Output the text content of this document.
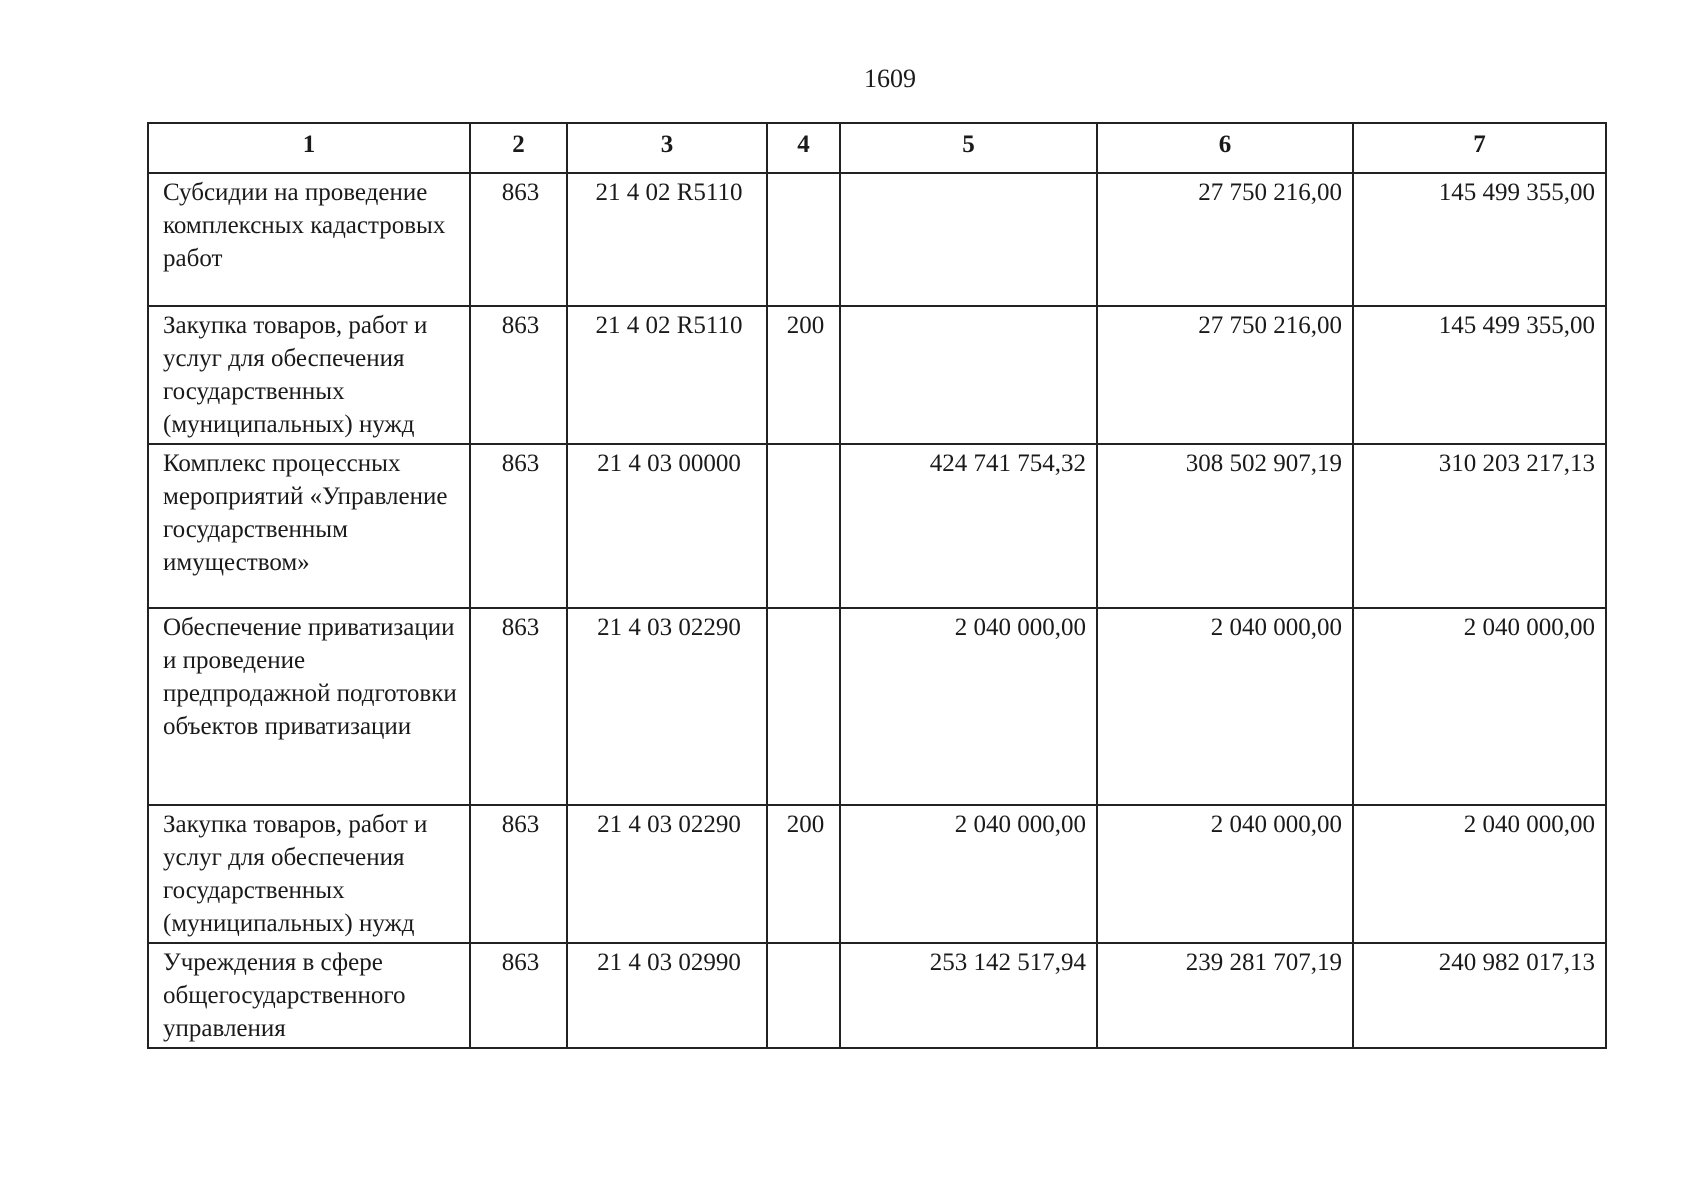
1609
1	2	3	4	5	6	7
Субсидии на проведение комплексных кадастровых работ	863	21 4 02 R5110			27 750 216,00	145 499 355,00
Закупка товаров, работ и услуг для обеспечения государственных (муниципальных) нужд	863	21 4 02 R5110	200		27 750 216,00	145 499 355,00
Комплекс процессных мероприятий «Управление государственным имуществом»	863	21 4 03 00000		424 741 754,32	308 502 907,19	310 203 217,13
Обеспечение приватизации и проведение предпродажной подготовки объектов приватизации	863	21 4 03 02290		2 040 000,00	2 040 000,00	2 040 000,00
Закупка товаров, работ и услуг для обеспечения государственных (муниципальных) нужд	863	21 4 03 02290	200	2 040 000,00	2 040 000,00	2 040 000,00
Учреждения в сфере общегосударственного управления	863	21 4 03 02990		253 142 517,94	239 281 707,19	240 982 017,13
